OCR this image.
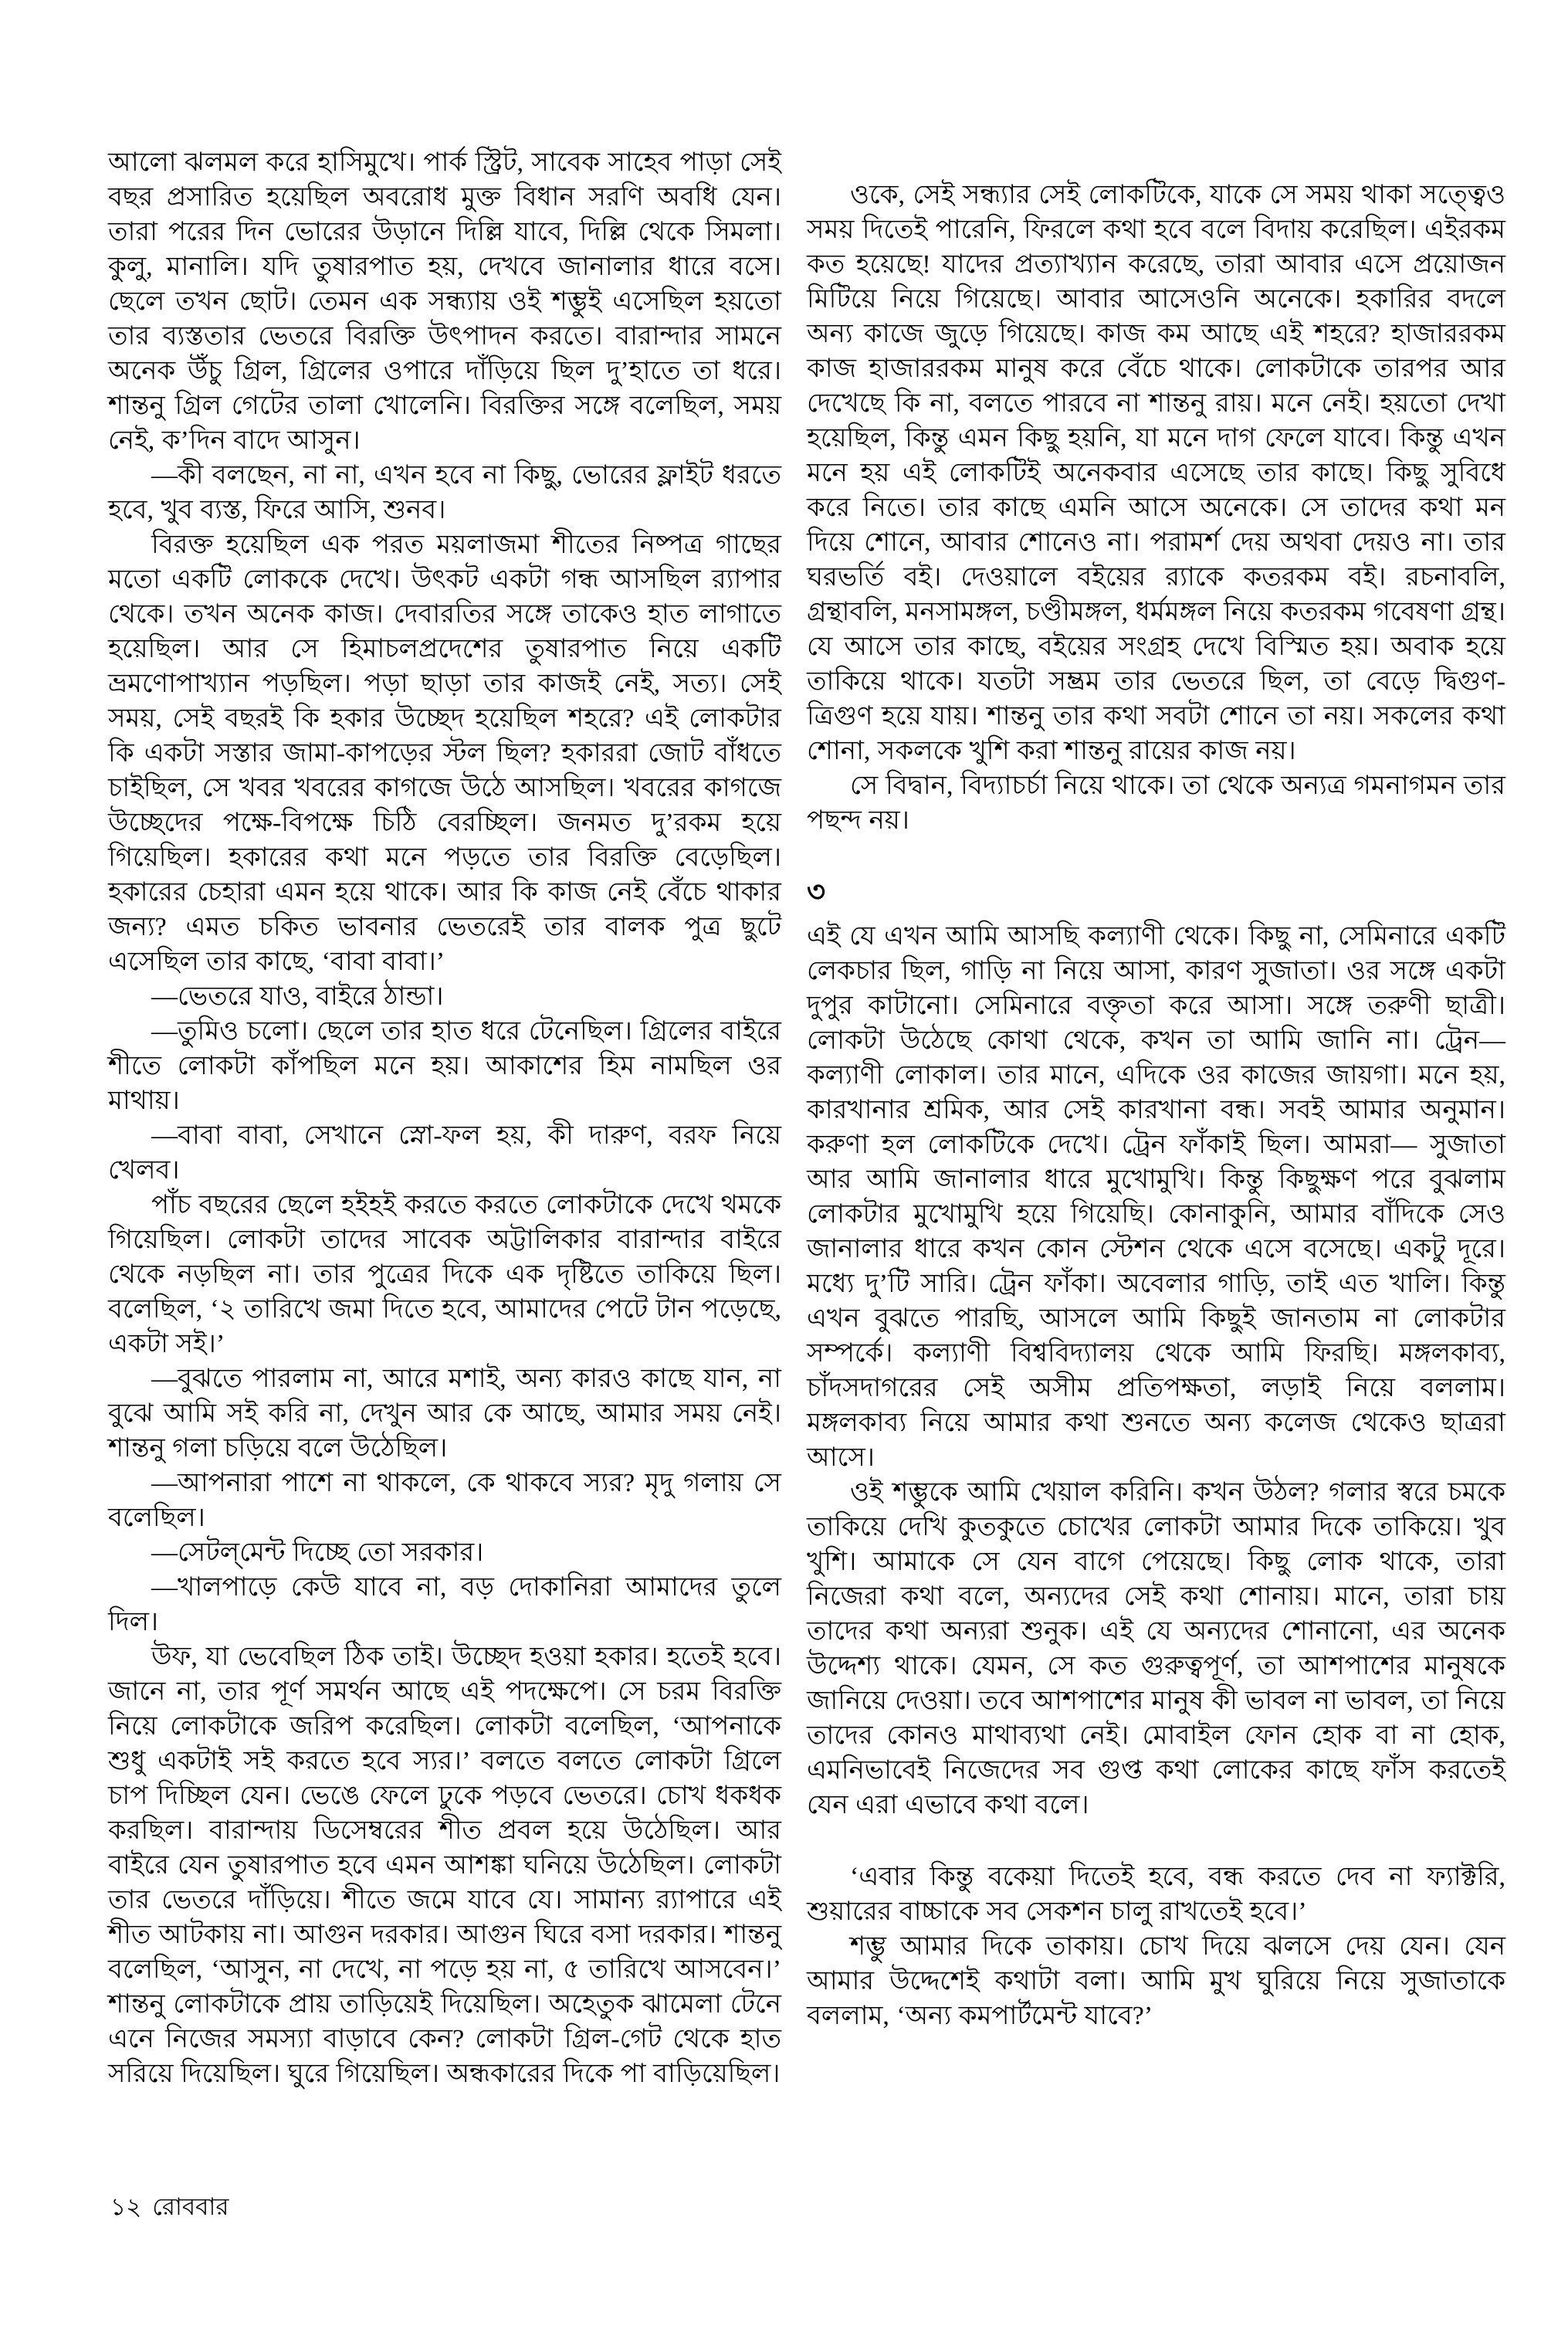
আলো ঝলমল করে হাসিমুখে। পার্ক স্ট্রিট, সাবেক সাহেব পাড়া সেই বছর প্রসারিত হয়েছিল অবরোধ মুক্ত বিধান সরণি অবধি যেন। তারা পরের দিন ভোরের উড়ানে দিল্লি যাবে, দিল্লি থেকে সিমলা। কুলু, মানালি। যদি তুষারপাত হয়, দেখবে জানালার ধারে বসে। ছেলে তখন ছোট। তেমন এক সন্ধ্যায় ওই শম্ভুই এসেছিল হয়তো তার ব্যস্ততার ভেতরে বিরক্তি উৎপাদন করতে। বারান্দার সামনে অনেক উঁচু গ্রিল, গ্রিলের ওপারে দাঁড়িয়ে ছিল দু’হাতে তা ধরে। শান্তনু গ্রিল গেটের তালা খোলেনি। বিরক্তির সঙ্গে বলেছিল, সময় নেই, ক’দিন বাদে আসুন।

—কী বলছেন, না না, এখন হবে না কিছু, ভোরের ফ্লাইট ধরতে হবে, খুব ব্যস্ত, ফিরে আসি, শুনব।

বিরক্ত হয়েছিল এক পরত ময়লাজমা শীতের নিষ্পত্র গাছের মতো একটি লোককে দেখে। উৎকট একটা গন্ধ আসছিল র‍্যাপার থেকে। তখন অনেক কাজ। দেবারতির সঙ্গে তাকেও হাত লাগাতে হয়েছিল। আর সে হিমাচলপ্রদেশের তুষারপাত নিয়ে একটি ভ্রমণোপাখ্যান পড়ছিল। পড়া ছাড়া তার কাজই নেই, সত্য। সেই সময়, সেই বছরই কি হকার উচ্ছেদ হয়েছিল শহরে? এই লোকটার কি একটা সস্তার জামা-কাপড়ের স্টল ছিল? হকাররা জোট বাঁধতে চাইছিল, সে খবর খবরের কাগজে উঠে আসছিল। খবরের কাগজে উচ্ছেদের পক্ষে-বিপক্ষে চিঠি বেরচ্ছিল। জনমত দু’রকম হয়ে গিয়েছিল। হকারের কথা মনে পড়তে তার বিরক্তি বেড়েছিল। হকারের চেহারা এমন হয়ে থাকে। আর কি কাজ নেই বেঁচে থাকার জন্য? এমত চকিত ভাবনার ভেতরেই তার বালক পুত্র ছুটে এসেছিল তার কাছে, ‘বাবা বাবা।’

—ভেতরে যাও, বাইরে ঠান্ডা।

—তুমিও চলো। ছেলে তার হাত ধরে টেনেছিল। গ্রিলের বাইরে শীতে লোকটা কাঁপছিল মনে হয়। আকাশের হিম নামছিল ওর মাথায়।

—বাবা বাবা, সেখানে স্নো-ফল হয়, কী দারুণ, বরফ নিয়ে খেলব।

পাঁচ বছরের ছেলে হইহই করতে করতে লোকটাকে দেখে থমকে গিয়েছিল। লোকটা তাদের সাবেক অট্টালিকার বারান্দার বাইরে থেকে নড়ছিল না। তার পুত্রের দিকে এক দৃষ্টিতে তাকিয়ে ছিল। বলেছিল, ‘২ তারিখে জমা দিতে হবে, আমাদের পেটে টান পড়েছে, একটা সই।’

—বুঝতে পারলাম না, আরে মশাই, অন্য কারও কাছে যান, না বুঝে আমি সই করি না, দেখুন আর কে আছে, আমার সময় নেই। শান্তনু গলা চড়িয়ে বলে উঠেছিল।

—আপনারা পাশে না থাকলে, কে থাকবে স্যর? মৃদু গলায় সে বলেছিল।

—সেটল্‌মেন্ট দিচ্ছে তো সরকার।

—খালপাড়ে কেউ যাবে না, বড় দোকানিরা আমাদের তুলে দিল।

উফ, যা ভেবেছিল ঠিক তাই। উচ্ছেদ হওয়া হকার। হতেই হবে। জানে না, তার পূর্ণ সমর্থন আছে এই পদক্ষেপে। সে চরম বিরক্তি নিয়ে লোকটাকে জরিপ করেছিল। লোকটা বলেছিল, ‘আপনাকে শুধু একটাই সই করতে হবে স্যর।’ বলতে বলতে লোকটা গ্রিলে চাপ দিচ্ছিল যেন। ভেঙে ফেলে ঢুকে পড়বে ভেতরে। চোখ ধকধক করছিল। বারান্দায় ডিসেম্বরের শীত প্রবল হয়ে উঠেছিল। আর বাইরে যেন তুষারপাত হবে এমন আশঙ্কা ঘনিয়ে উঠেছিল। লোকটা তার ভেতরে দাঁড়িয়ে। শীতে জমে যাবে যে। সামান্য র‍্যাপারে এই শীত আটকায় না। আগুন দরকার। আগুন ঘিরে বসা দরকার। শান্তনু বলেছিল, ‘আসুন, না দেখে, না পড়ে হয় না, ৫ তারিখে আসবেন।’ শান্তনু লোকটাকে প্রায় তাড়িয়েই দিয়েছিল। অহেতুক ঝামেলা টেনে এনে নিজের সমস্যা বাড়াবে কেন? লোকটা গ্রিল-গেট থেকে হাত সরিয়ে দিয়েছিল। ঘুরে গিয়েছিল। অন্ধকারের দিকে পা বাড়িয়েছিল।

ওকে, সেই সন্ধ্যার সেই লোকটিকে, যাকে সে সময় থাকা সত্ত্বেও সময় দিতেই পারেনি, ফিরলে কথা হবে বলে বিদায় করেছিল। এইরকম কত হয়েছে! যাদের প্রত্যাখ্যান করেছে, তারা আবার এসে প্রয়োজন মিটিয়ে নিয়ে গিয়েছে। আবার আসেওনি অনেকে। হকারির বদলে অন্য কাজে জুড়ে গিয়েছে। কাজ কম আছে এই শহরে? হাজাররকম কাজ হাজাররকম মানুষ করে বেঁচে থাকে। লোকটাকে তারপর আর দেখেছে কি না, বলতে পারবে না শান্তনু রায়। মনে নেই। হয়তো দেখা হয়েছিল, কিন্তু এমন কিছু হয়নি, যা মনে দাগ ফেলে যাবে। কিন্তু এখন মনে হয় এই লোকটিই অনেকবার এসেছে তার কাছে। কিছু সুবিধে করে নিতে। তার কাছে এমনি আসে অনেকে। সে তাদের কথা মন দিয়ে শোনে, আবার শোনেও না। পরামর্শ দেয় অথবা দেয়ও না। তার ঘরভর্তি বই। দেওয়ালে বইয়ের র‍্যাকে কতরকম বই। রচনাবলি, গ্রন্থাবলি, মনসামঙ্গল, চণ্ডীমঙ্গল, ধর্মমঙ্গল নিয়ে কতরকম গবেষণা গ্রন্থ। যে আসে তার কাছে, বইয়ের সংগ্রহ দেখে বিস্মিত হয়। অবাক হয়ে তাকিয়ে থাকে। যতটা সম্ভ্রম তার ভেতরে ছিল, তা বেড়ে দ্বিগুণ-ত্রিগুণ হয়ে যায়। শান্তনু তার কথা সবটা শোনে তা নয়। সকলের কথা শোনা, সকলকে খুশি করা শান্তনু রায়ের কাজ নয়।

সে বিদ্বান, বিদ্যাচর্চা নিয়ে থাকে। তা থেকে অন্যত্র গমনাগমন তার পছন্দ নয়।

৩

এই যে এখন আমি আসছি কল্যাণী থেকে। কিছু না, সেমিনারে একটি লেকচার ছিল, গাড়ি না নিয়ে আসা, কারণ সুজাতা। ওর সঙ্গে একটা দুপুর কাটানো। সেমিনারে বক্তৃতা করে আসা। সঙ্গে তরুণী ছাত্রী। লোকটা উঠেছে কোথা থেকে, কখন তা আমি জানি না। ট্রেন— কল্যাণী লোকাল। তার মানে, এদিকে ওর কাজের জায়গা। মনে হয়, কারখানার শ্রমিক, আর সেই কারখানা বন্ধ। সবই আমার অনুমান। করুণা হল লোকটিকে দেখে। ট্রেন ফাঁকাই ছিল। আমরা— সুজাতা আর আমি জানালার ধারে মুখোমুখি। কিন্তু কিছুক্ষণ পরে বুঝলাম লোকটার মুখোমুখি হয়ে গিয়েছি। কোনাকুনি, আমার বাঁদিকে সেও জানালার ধারে কখন কোন স্টেশন থেকে এসে বসেছে। একটু দূরে। মধ্যে দু’টি সারি। ট্রেন ফাঁকা। অবেলার গাড়ি, তাই এত খালি। কিন্তু এখন বুঝতে পারছি, আসলে আমি কিছুই জানতাম না লোকটার সম্পর্কে। কল্যাণী বিশ্ববিদ্যালয় থেকে আমি ফিরছি। মঙ্গলকাব্য, চাঁদসদাগরের সেই অসীম প্রতিপক্ষতা, লড়াই নিয়ে বললাম। মঙ্গলকাব্য নিয়ে আমার কথা শুনতে অন্য কলেজ থেকেও ছাত্ররা আসে।

ওই শম্ভুকে আমি খেয়াল করিনি। কখন উঠল? গলার স্বরে চমকে তাকিয়ে দেখি কুতকুতে চোখের লোকটা আমার দিকে তাকিয়ে। খুব খুশি। আমাকে সে যেন বাগে পেয়েছে। কিছু লোক থাকে, তারা নিজেরা কথা বলে, অন্যদের সেই কথা শোনায়। মানে, তারা চায় তাদের কথা অন্যরা শুনুক। এই যে অন্যদের শোনানো, এর অনেক উদ্দেশ্য থাকে। যেমন, সে কত গুরুত্বপূর্ণ, তা আশপাশের মানুষকে জানিয়ে দেওয়া। তবে আশপাশের মানুষ কী ভাবল না ভাবল, তা নিয়ে তাদের কোনও মাথাব্যথা নেই। মোবাইল ফোন হোক বা না হোক, এমনিভাবেই নিজেদের সব গুপ্ত কথা লোকের কাছে ফাঁস করতেই যেন এরা এভাবে কথা বলে।

‘এবার কিন্তু বকেয়া দিতেই হবে, বন্ধ করতে দেব না ফ্যাক্টরি, শুয়ারের বাচ্চাকে সব সেকশন চালু রাখতেই হবে।’

শম্ভু আমার দিকে তাকায়। চোখ দিয়ে ঝলসে দেয় যেন। যেন আমার উদ্দেশেই কথাটা বলা। আমি মুখ ঘুরিয়ে নিয়ে সুজাতাকে বললাম, ‘অন্য কমপার্টমেন্ট যাবে?’

১২ রোববার
